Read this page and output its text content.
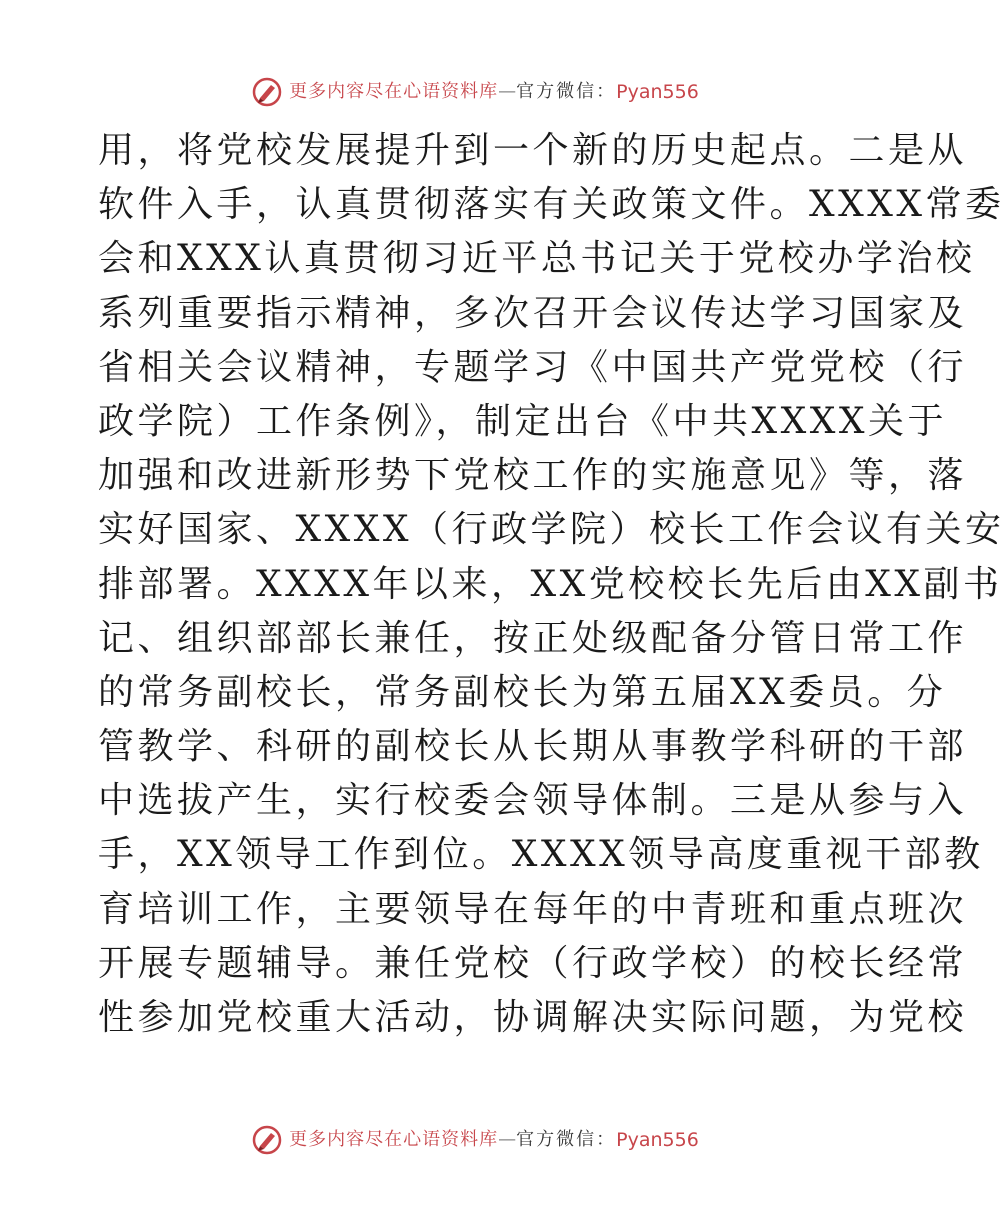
更多内容尽在心语资料库 — 官方微信： Pyan556
用，将党校发展提升到一个新的历史起点。二是从
软件入手，认真贯彻落实有关政策文件。XXXX常委
会和XXX认真贯彻习近平总书记关于党校办学治校
系列重要指示精神，多次召开会议传达学习国家及
省相关会议精神，专题学习《中国共产党党校（行
政学院）工作条例》，制定出台《中共XXXX关于
加强和改进新形势下党校工作的实施意见》等，落
实好国家、XXXX（行政学院）校长工作会议有关安
排部署。XXXX年以来，XX党校校长先后由XX副书
记、组织部部长兼任，按正处级配备分管日常工作
的常务副校长，常务副校长为第五届XX委员。分
管教学、科研的副校长从长期从事教学科研的干部
中选拔产生，实行校委会领导体制。三是从参与入
手，XX领导工作到位。XXXX领导高度重视干部教
育培训工作，主要领导在每年的中青班和重点班次
开展专题辅导。兼任党校（行政学校）的校长经常
性参加党校重大活动，协调解决实际问题，为党校
更多内容尽在心语资料库 — 官方微信： Pyan556
